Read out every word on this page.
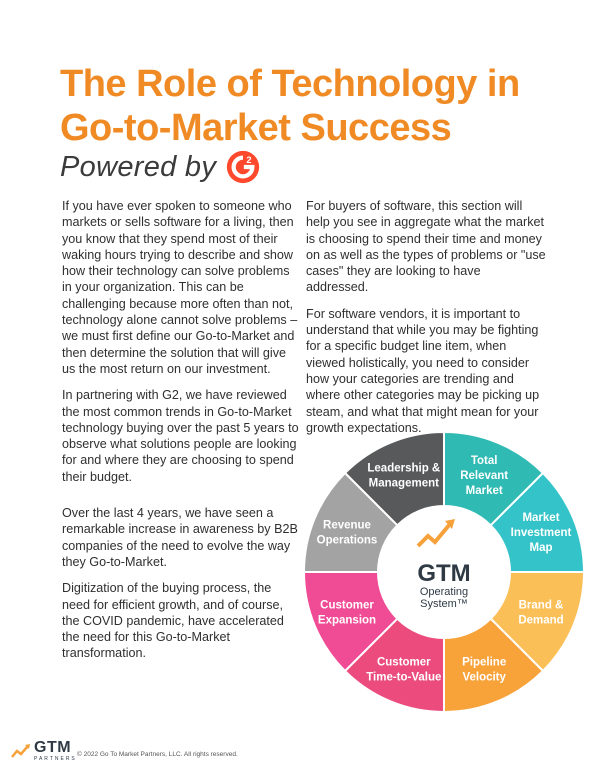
The Role of Technology in Go-to-Market Success
Powered by	2

If you have ever spoken to someone who markets or sells software for a living, then you know that they spend most of their waking hours trying to describe and show how their technology can solve problems in your organization. This can be challenging because more often than not, technology alone cannot solve problems – we must first define our Go-to-Market and then determine the solution that will give us the most return on our investment.

In partnering with G2, we have reviewed the most common trends in Go-to-Market technology buying over the past 5 years to observe what solutions people are looking for and where they are choosing to spend their budget.

Over the last 4 years, we have seen a remarkable increase in awareness by B2B companies of the need to evolve the way they Go-to-Market.

Digitization of the buying process, the need for efficient growth, and of course, the COVID pandemic, have accelerated the need for this Go-to-Market transformation.

For buyers of software, this section will help you see in aggregate what the market is choosing to spend their time and money on as well as the types of problems or "use cases" they are looking to have addressed.

For software vendors, it is important to understand that while you may be fighting for a specific budget line item, when viewed holistically, you need to consider how your categories are trending and where other categories may be picking up steam, and what that might mean for your growth expectations.

GTM
Operating
System™
Leadership &
Management
Total
Relevant
Market
Market
Investment
Map
Brand &
Demand
Pipeline
Velocity
Customer
Time-to-Value
Customer
Expansion
Revenue
Operations
GTM
PARTNERS
© 2022 Go To Market Partners, LLC. All rights reserved.
